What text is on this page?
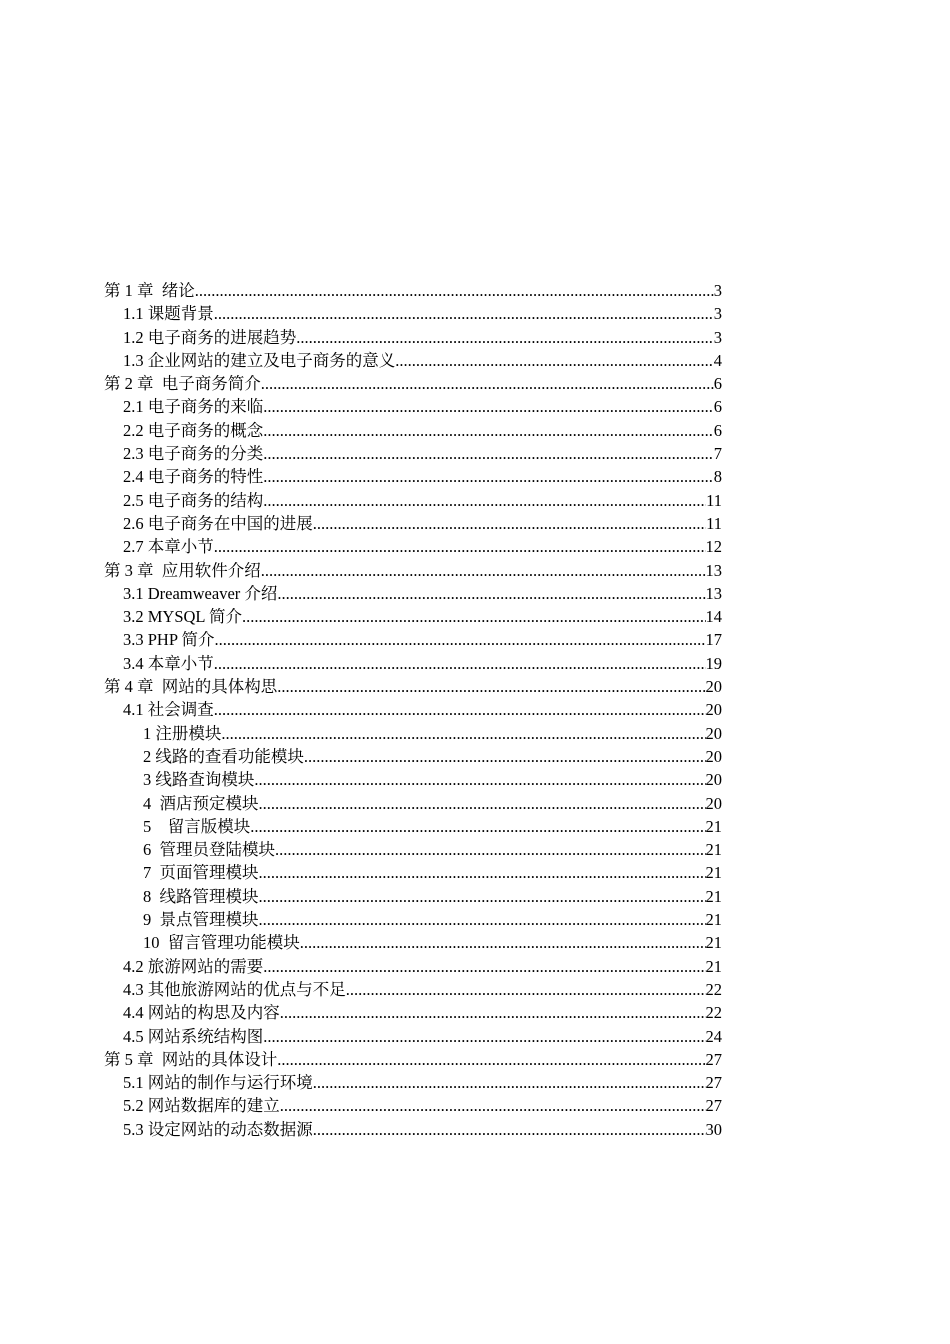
第 1 章  绪论 .....	3
1.1 课题背景 .....	3
1.2 电子商务的进展趋势 .....	3
1.3 企业网站的建立及电子商务的意义 .....	4
第 2 章  电子商务简介 .....	6
2.1 电子商务的来临 .....	6
2.2 电子商务的概念 .....	6
2.3 电子商务的分类 .....	7
2.4 电子商务的特性 .....	8
2.5 电子商务的结构 .....	11
2.6 电子商务在中国的进展 .....	11
2.7 本章小节 .....	12
第 3 章  应用软件介绍 .....	13
3.1 Dreamweaver 介绍 .....	13
3.2 MYSQL 简介 .....	14
3.3 PHP 简介 .....	17
3.4 本章小节 .....	19
第 4 章  网站的具体构思 .....	20
4.1 社会调查 .....	20
1 注册模块 .....	20
2 线路的查看功能模块 .....	20
3 线路查询模块 .....	20
4  酒店预定模块 .....	20
5    留言版模块 .....	21
6  管理员登陆模块 .....	21
7  页面管理模块 .....	21
8  线路管理模块 .....	21
9  景点管理模块 .....	21
10  留言管理功能模块 .....	21
4.2 旅游网站的需要 .....	21
4.3 其他旅游网站的优点与不足 .....	22
4.4 网站的构思及内容 .....	22
4.5 网站系统结构图 .....	24
第 5 章  网站的具体设计 .....	27
5.1 网站的制作与运行环境 .....	27
5.2 网站数据库的建立 .....	27
5.3 设定网站的动态数据源 .....	30
